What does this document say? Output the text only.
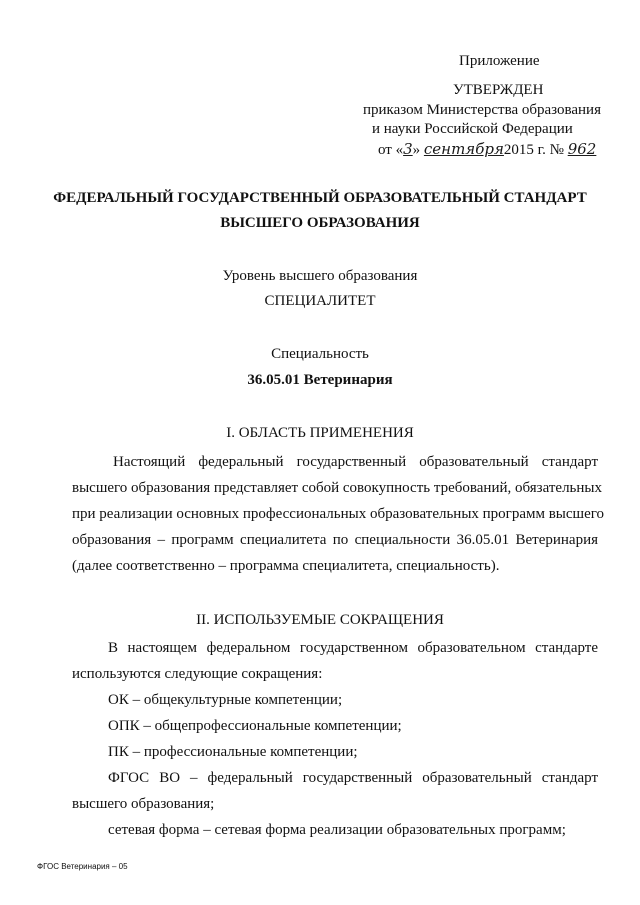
Приложение
УТВЕРЖДЕН
приказом Министерства образования
и науки Российской Федерации
от «3» сентября2015 г. № 962
ФЕДЕРАЛЬНЫЙ ГОСУДАРСТВЕННЫЙ ОБРАЗОВАТЕЛЬНЫЙ СТАНДАРТ
ВЫСШЕГО ОБРАЗОВАНИЯ
Уровень высшего образования
СПЕЦИАЛИТЕТ
Специальность
36.05.01 Ветеринария
I. ОБЛАСТЬ ПРИМЕНЕНИЯ
Настоящий федеральный государственный образовательный стандарт
высшего образования представляет собой совокупность требований, обязательных
при реализации основных профессиональных образовательных программ высшего
образования – программ специалитета по специальности 36.05.01 Ветеринария
(далее соответственно – программа специалитета, специальность).
II. ИСПОЛЬЗУЕМЫЕ СОКРАЩЕНИЯ
В настоящем федеральном государственном образовательном стандарте
используются следующие сокращения:
ОК – общекультурные компетенции;
ОПК – общепрофессиональные компетенции;
ПК – профессиональные компетенции;
ФГОС ВО – федеральный государственный образовательный стандарт
высшего образования;
сетевая форма – сетевая форма реализации образовательных программ;
ФГОС Ветеринария – 05
